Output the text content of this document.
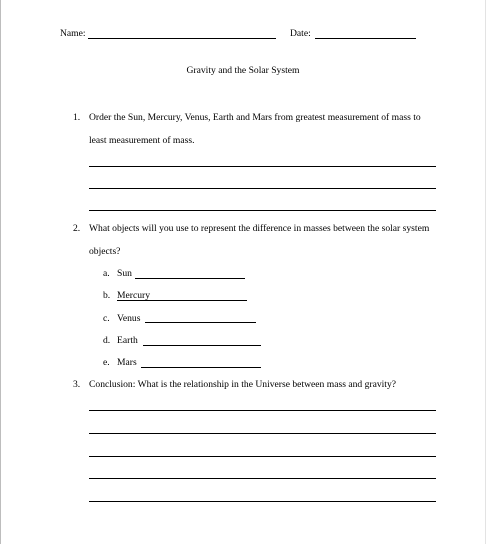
Name:	Date:
Gravity and the Solar System
1. Order the Sun, Mercury, Venus, Earth and Mars from greatest measurement of mass to
least measurement of mass.
2. What objects will you use to represent the difference in masses between the solar system
objects?
a. Sun
b. Mercury
c. Venus
d. Earth
e. Mars
3. Conclusion: What is the relationship in the Universe between mass and gravity?
